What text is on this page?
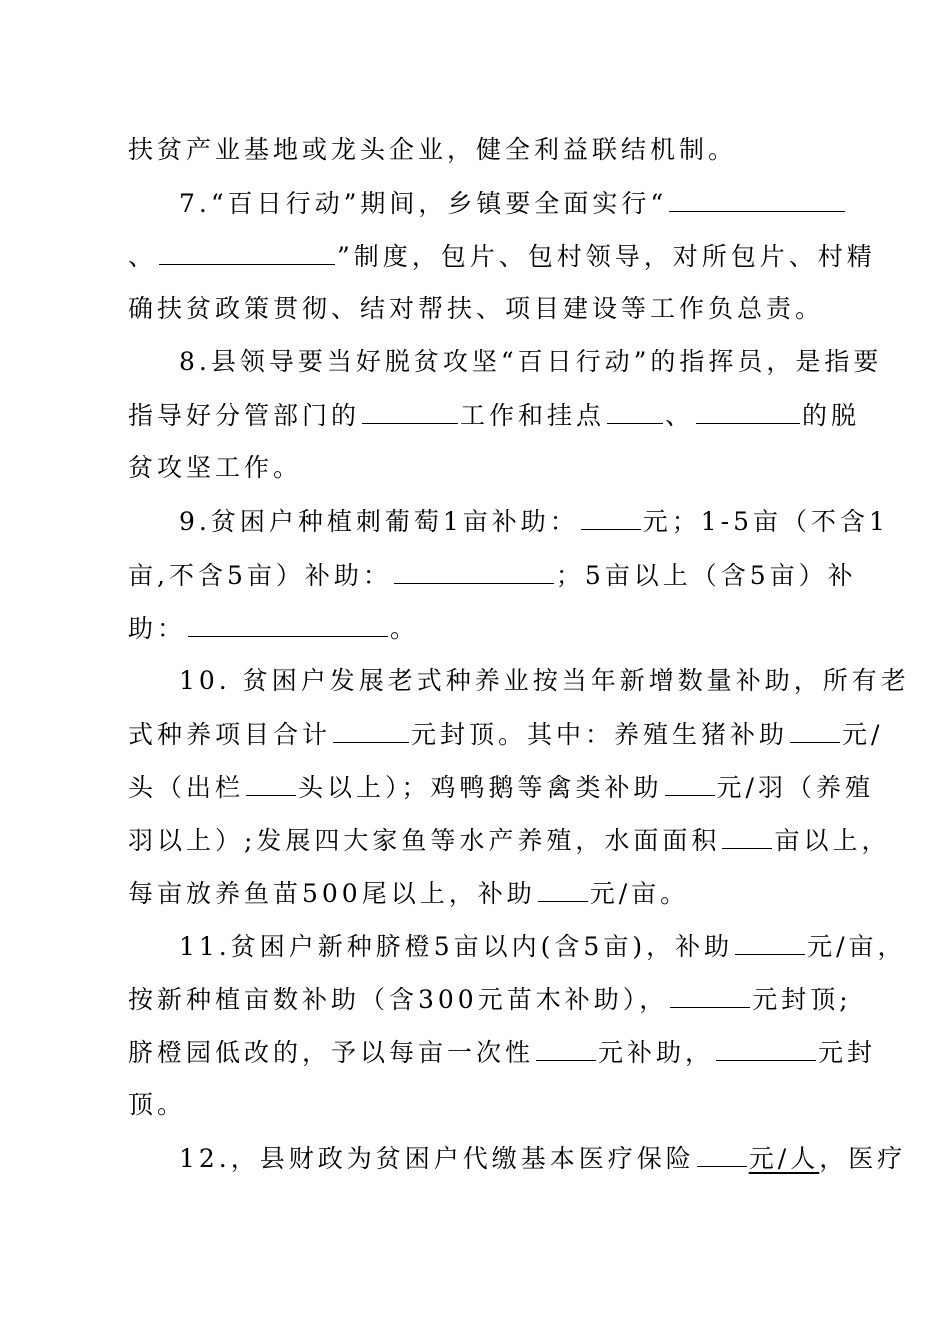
扶贫产业基地或龙头企业，健全利益联结机制。
7.“百日行动”期间，乡镇要全面实行“
、	”制度，包片、包村领导，对所包片、村精
确扶贫政策贯彻、结对帮扶、项目建设等工作负总责。
8.县领导要当好脱贫攻坚“百日行动”的指挥员，是指要
指导好分管部门的	工作和挂点 、	的脱
贫攻坚工作。
9.贫困户种植刺葡萄1亩补助：	元；1-5亩（不含1
亩,不含5亩）补助：	；5亩以上（含5亩）补
助：	。
10. 贫困户发展老式种养业按当年新增数量补助，所有老
式种养项目合计	元封顶。其中：养殖生猪补助 元/
头（出栏 头以上）；鸡鸭鹅等禽类补助 元/羽（养殖
羽以上）;发展四大家鱼等水产养殖，水面面积 亩以上，
每亩放养鱼苗500尾以上，补助 元/亩。
11.贫困户新种脐橙5亩以内(含5亩)，补助	元/亩，
按新种植亩数补助（含300元苗木补助），	元封顶;
脐橙园低改的，予以每亩一次性	元补助，	元封
顶。
12.，县财政为贫困户代缴基本医疗保险 元/人，医疗
